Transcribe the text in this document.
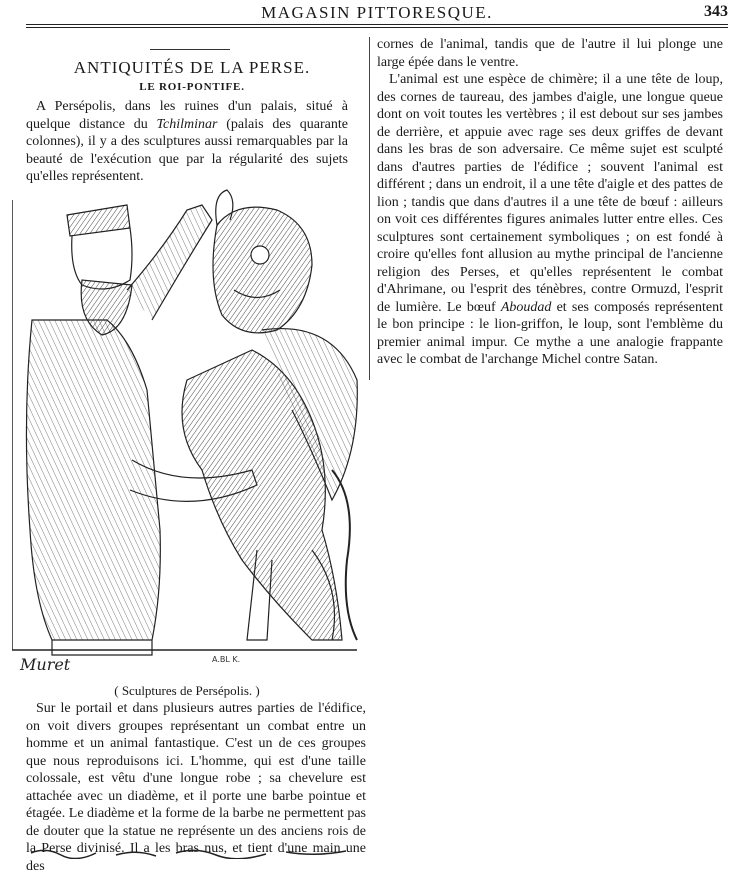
MAGASIN PITTORESQUE.	343
ANTIQUITÉS DE LA PERSE.
LE ROI-PONTIFE.

A Persépolis, dans les ruines d'un palais, situé à quelque distance du Tchilminar (palais des quarante colonnes), il y a des sculptures aussi remarquables par la beauté de l'exécution que par la régularité des sujets qu'elles représentent.

Muret	A.BL K.
( Sculptures de Persépolis. )

Sur le portail et dans plusieurs autres parties de l'édifice, on voit divers groupes représentant un combat entre un homme et un animal fantastique. C'est un de ces groupes que nous reproduisons ici. L'homme, qui est d'une taille colossale, est vêtu d'une longue robe ; sa chevelure est attachée avec un diadème, et il porte une barbe pointue et étagée. Le diadème et la forme de la barbe ne permettent pas de douter que la statue ne représente un des anciens rois de la Perse divinisé. Il a les bras nus, et tient d'une main une des

cornes de l'animal, tandis que de l'autre il lui plonge une large épée dans le ventre.

L'animal est une espèce de chimère; il a une tête de loup, des cornes de taureau, des jambes d'aigle, une longue queue dont on voit toutes les vertèbres ; il est debout sur ses jambes de derrière, et appuie avec rage ses deux griffes de devant dans les bras de son adversaire. Ce même sujet est sculpté dans d'autres parties de l'édifice ; souvent l'animal est différent ; dans un endroit, il a une tête d'aigle et des pattes de lion ; tandis que dans d'autres il a une tête de bœuf : ailleurs on voit ces différentes figures animales lutter entre elles. Ces sculptures sont certainement symboliques ; on est fondé à croire qu'elles font allusion au mythe principal de l'ancienne religion des Perses, et qu'elles représentent le combat d'Ahrimane, ou l'esprit des ténèbres, contre Ormuzd, l'esprit de lumière. Le bœuf Aboudad et ses composés représentent le bon principe : le lion-griffon, le loup, sont l'emblème du premier animal impur. Ce mythe a une analogie frappante avec le combat de l'archange Michel contre Satan.
